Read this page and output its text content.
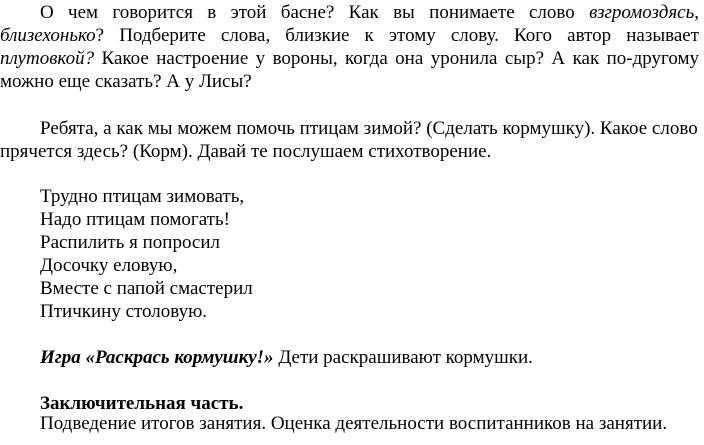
О чем говорится в этой басне? Как вы понимаете слово взгромоздясь,
близехонько? Подберите слова, близкие к этому слову. Кого автор называет
плутовкой? Какое настроение у вороны, когда она уронила сыр? А как по-другому
можно еще сказать? А у Лисы?
Ребята, а как мы можем помочь птицам зимой? (Сделать кормушку). Какое слово
прячется здесь? (Корм). Давай те послушаем стихотворение.
Трудно птицам зимовать,
Надо птицам помогать!
Распилить я попросил
Досочку еловую,
Вместе с папой смастерил
Птичкину столовую.
Игра «Раскрась кормушку!» Дети раскрашивают кормушки.
Заключительная часть.
Подведение итогов занятия. Оценка деятельности воспитанников на занятии.
